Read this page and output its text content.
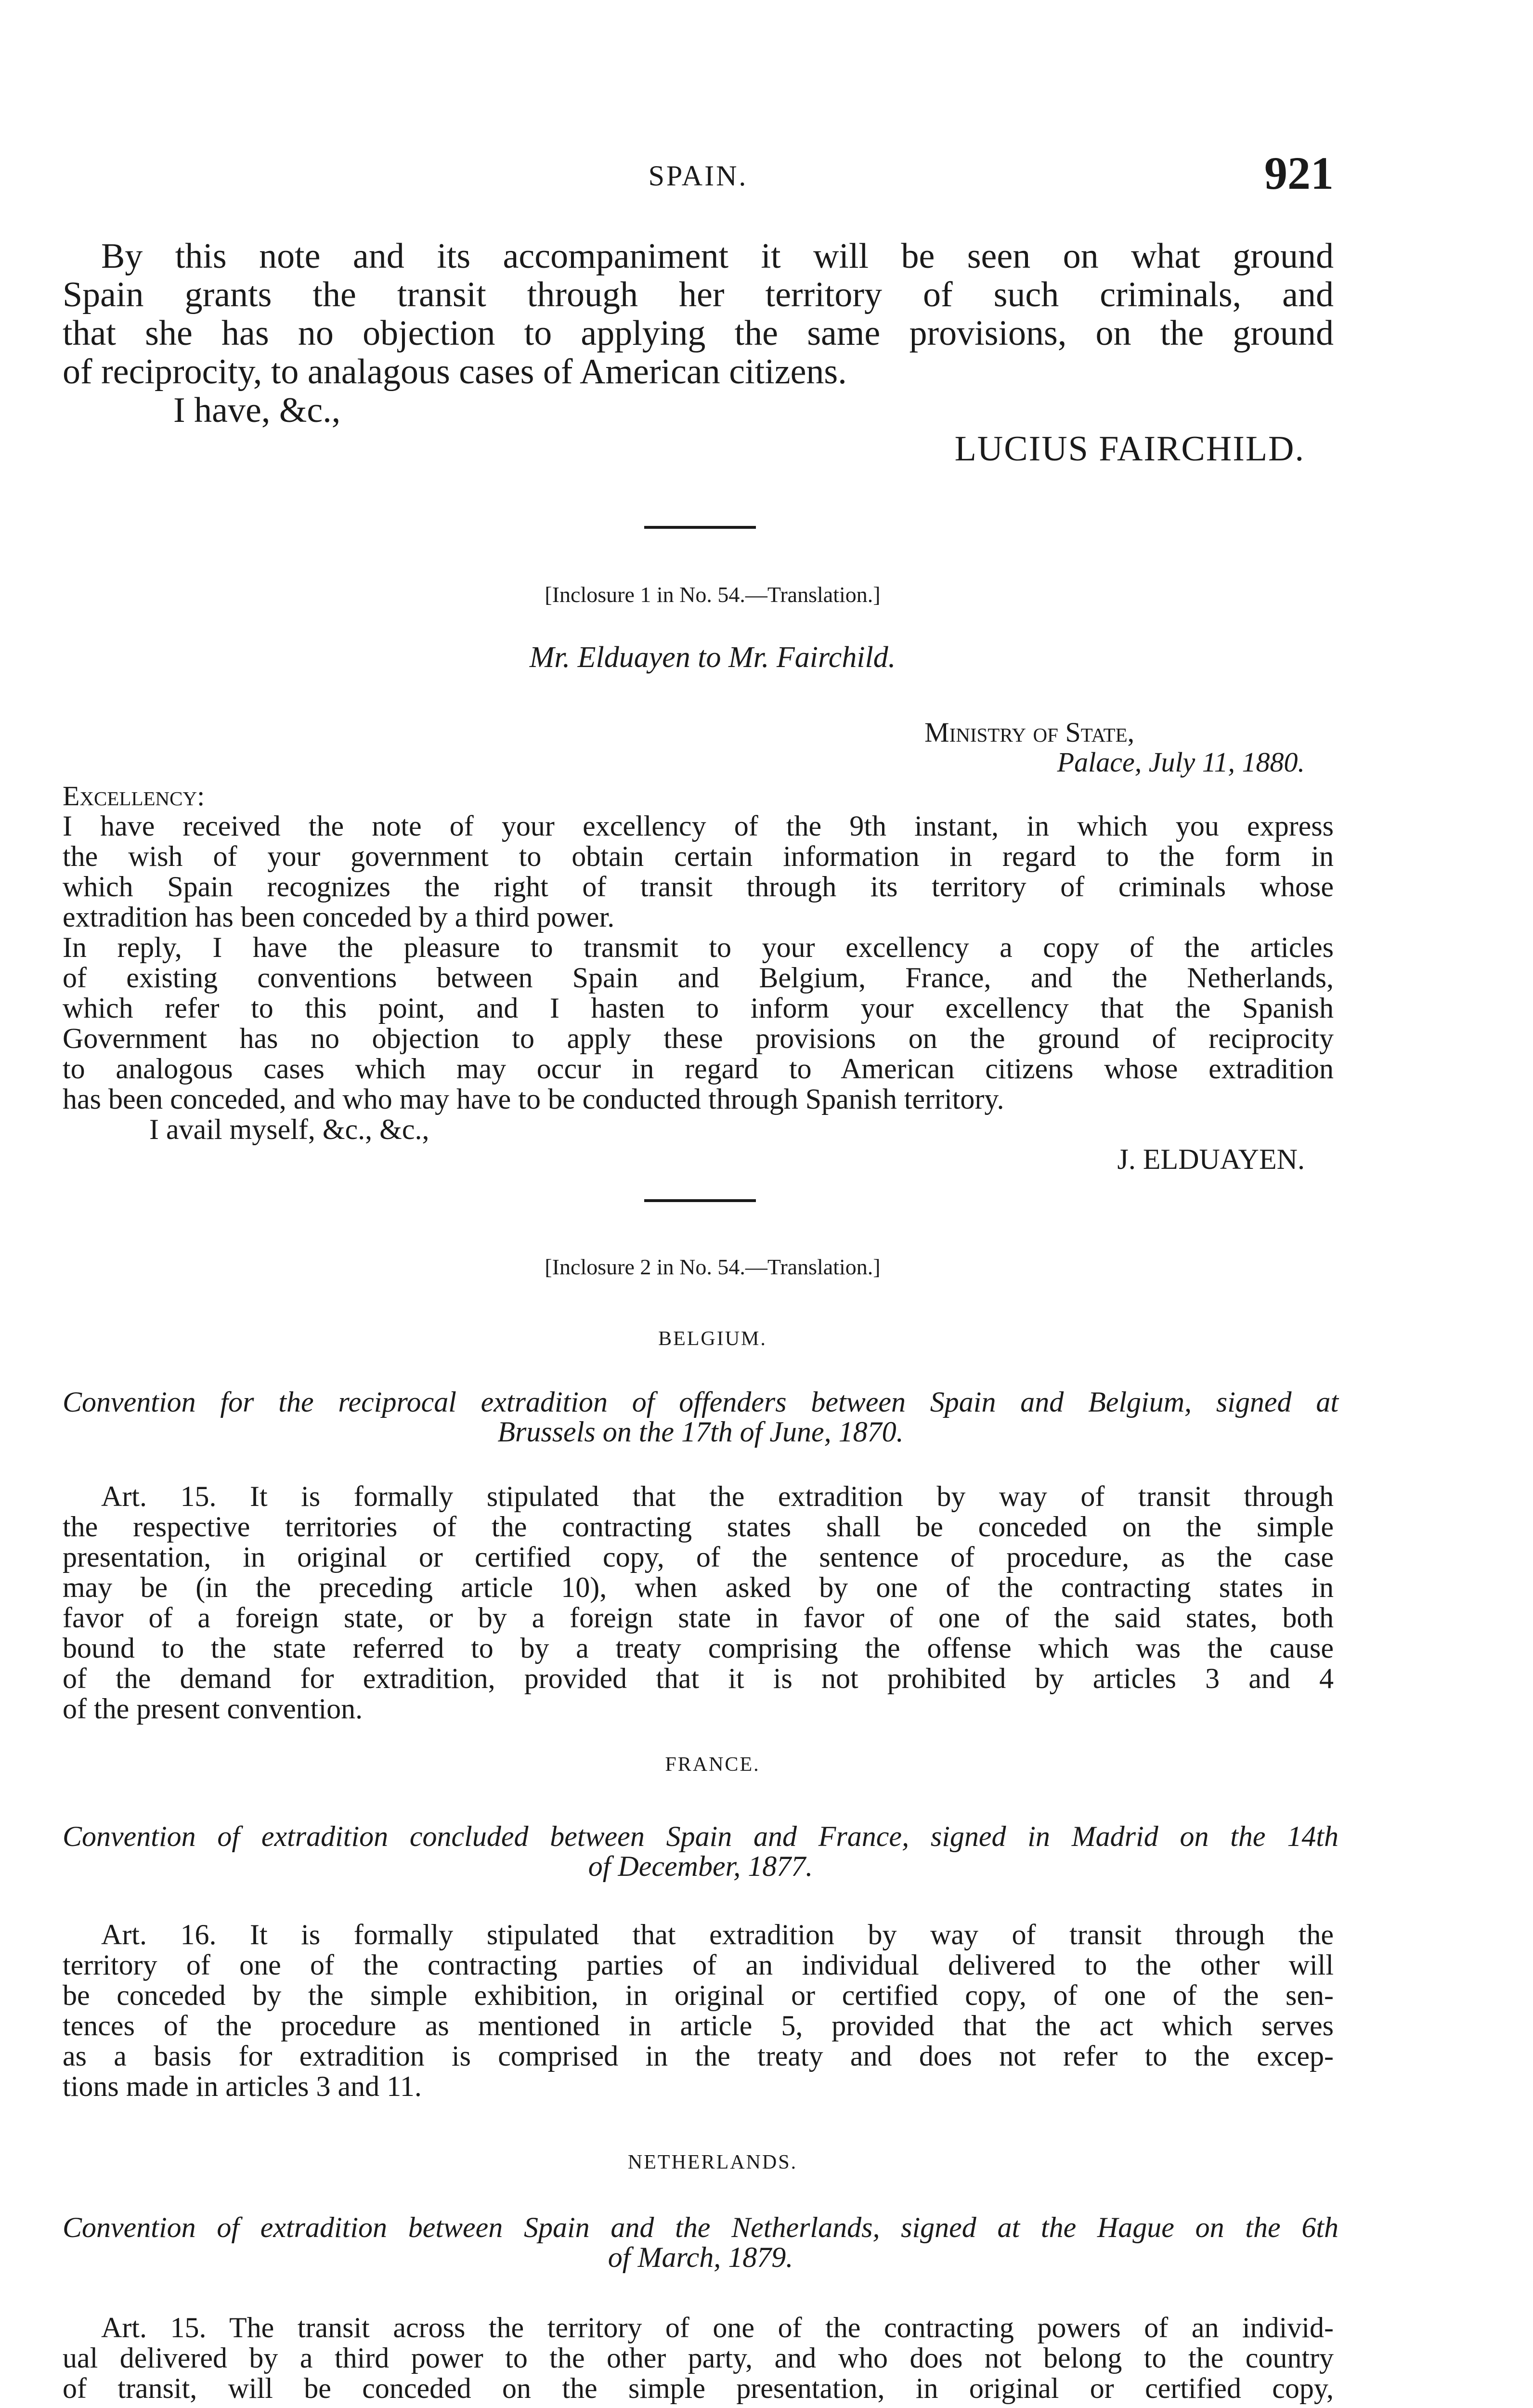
SPAIN.	921
By this note and its accompaniment it will be seen on what ground
Spain grants the transit through her territory of such criminals, and
that she has no objection to applying the same provisions, on the ground
of reciprocity, to analagous cases of American citizens.
I have, &c.,
LUCIUS FAIRCHILD.
[Inclosure 1 in No. 54.—Translation.]
Mr. Elduayen to Mr. Fairchild.
Ministry of State,
Palace, July 11, 1880.
Excellency:
I have received the note of your excellency of the 9th instant, in which you express
the wish of your government to obtain certain information in regard to the form in
which Spain recognizes the right of transit through its territory of criminals whose
extradition has been conceded by a third power.
In reply, I have the pleasure to transmit to your excellency a copy of the articles
of existing conventions between Spain and Belgium, France, and the Netherlands,
which refer to this point, and I hasten to inform your excellency that the Spanish
Government has no objection to apply these provisions on the ground of reciprocity
to analogous cases which may occur in regard to American citizens whose extradition
has been conceded, and who may have to be conducted through Spanish territory.
I avail myself, &c., &c.,
J. ELDUAYEN.
[Inclosure 2 in No. 54.—Translation.]
BELGIUM.
Convention for the reciprocal extradition of offenders between Spain and Belgium, signed at
Brussels on the 17th of June, 1870.
Art. 15. It is formally stipulated that the extradition by way of transit through
the respective territories of the contracting states shall be conceded on the simple
presentation, in original or certified copy, of the sentence of procedure, as the case
may be (in the preceding article 10), when asked by one of the contracting states in
favor of a foreign state, or by a foreign state in favor of one of the said states, both
bound to the state referred to by a treaty comprising the offense which was the cause
of the demand for extradition, provided that it is not prohibited by articles 3 and 4
of the present convention.
FRANCE.
Convention of extradition concluded between Spain and France, signed in Madrid on the 14th
of December, 1877.
Art. 16. It is formally stipulated that extradition by way of transit through the
territory of one of the contracting parties of an individual delivered to the other will
be conceded by the simple exhibition, in original or certified copy, of one of the sen-
tences of the procedure as mentioned in article 5, provided that the act which serves
as a basis for extradition is comprised in the treaty and does not refer to the excep-
tions made in articles 3 and 11.
NETHERLANDS.
Convention of extradition between Spain and the Netherlands, signed at the Hague on the 6th
of March, 1879.
Art. 15. The transit across the territory of one of the contracting powers of an individ-
ual delivered by a third power to the other party, and who does not belong to the country
of transit, will be conceded on the simple presentation, in original or certified copy,
